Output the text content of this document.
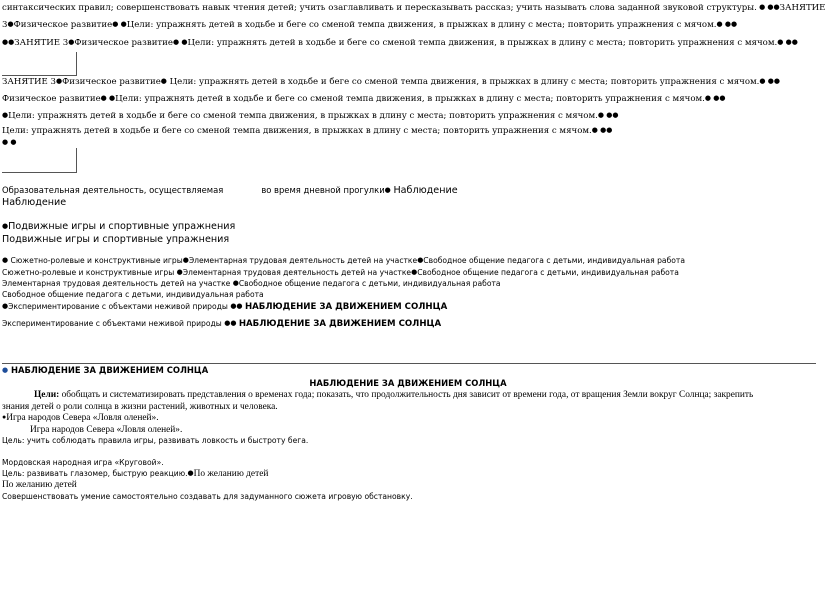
синтаксических правил; совершенствовать навык чтения детей; учить озаглавливать и пересказывать рассказ; учить называть слова заданной звуковой структуры. ● ●●ЗАНЯТИЕ
3●Физическое развитие● ●Цели: упражнять детей в ходьбе и беге со сменой темпа движения, в прыжках в длину с места; повторить упражнения с мячом.● ●●
●●ЗАНЯТИЕ 3●Физическое развитие● ●Цели: упражнять детей в ходьбе и беге со сменой темпа движения, в прыжках в длину с места; повторить упражнения с мячом.● ●●
ЗАНЯТИЕ 3●Физическое развитие● Цели: упражнять детей в ходьбе и беге со сменой темпа движения, в прыжках в длину с места; повторить упражнения с мячом.● ●●
Физическое развитие● ●Цели: упражнять детей в ходьбе и беге со сменой темпа движения, в прыжках в длину с места; повторить упражнения с мячом.● ●●
●Цели: упражнять детей в ходьбе и беге со сменой темпа движения, в прыжках в длину с места; повторить упражнения с мячом.● ●●
Цели: упражнять детей в ходьбе и беге со сменой темпа движения, в прыжках в длину с места; повторить упражнения с мячом.● ●●
● ●
Образовательная деятельность, осуществляемая	во время дневной прогулки● Наблюдение
Наблюдение
●Подвижные игры и спортивные упражнения
Подвижные игры и спортивные упражнения
● Сюжетно-ролевые и конструктивные игры●Элементарная трудовая деятельность детей на участке●Свободное общение педагога с детьми, индивидуальная работа
Сюжетно-ролевые и конструктивные игры ●Элементарная трудовая деятельность детей на участке●Свободное общение педагога с детьми, индивидуальная работа
Элементарная трудовая деятельность детей на участке ●Свободное общение педагога с детьми, индивидуальная работа
Свободное общение педагога с детьми, индивидуальная работа
●Экспериментирование с объектами неживой природы ●● НАБЛЮДЕНИЕ ЗА ДВИЖЕНИЕМ СОЛНЦА
Экспериментирование с объектами неживой природы ●● НАБЛЮДЕНИЕ ЗА ДВИЖЕНИЕМ СОЛНЦА
● НАБЛЮДЕНИЕ ЗА ДВИЖЕНИЕМ СОЛНЦА
НАБЛЮДЕНИЕ ЗА ДВИЖЕНИЕМ СОЛНЦА
Цели: обобщать и систематизировать представления о временах года; показать, что продолжительность дня зависит от времени года, от вращения Земли вокруг Солнца; закрепить
знания детей о роли солнца в жизни растений, животных и человека.
●Игра народов Севера «Ловля оленей».
Игра народов Севера «Ловля оленей».
Цель: учить соблюдать правила игры, развивать ловкость и быстроту бега.
Мордовская народная игра «Круговой».
Цель: развивать глазомер, быструю реакцию.●По желанию детей
По желанию детей
Совершенствовать умение самостоятельно создавать для задуманного сюжета игровую обстановку.
